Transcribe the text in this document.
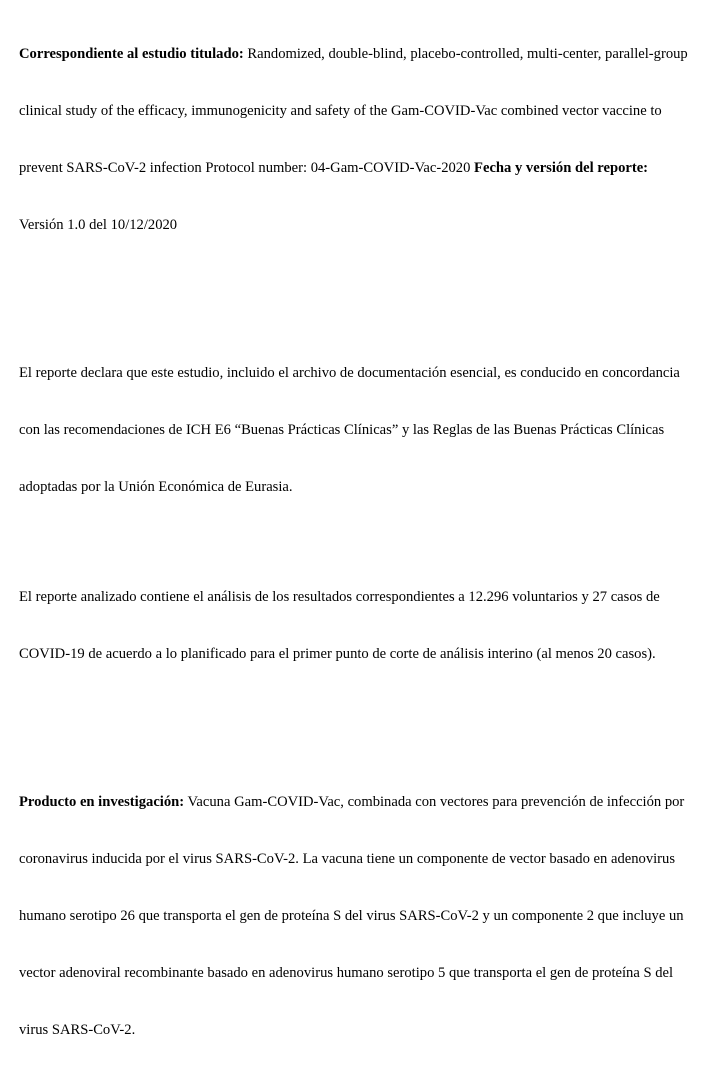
Correspondiente al estudio titulado: Randomized, double-blind, placebo-controlled, multi-center, parallel-group

clinical study of the efficacy, immunogenicity and safety of the Gam-COVID-Vac combined vector vaccine to

prevent SARS-CoV-2 infection Protocol number: 04-Gam-COVID-Vac-2020 Fecha y versión del reporte:

Versión 1.0 del 10/12/2020

El reporte declara que este estudio, incluido el archivo de documentación esencial, es conducido en concordancia

con las recomendaciones de ICH E6 “Buenas Prácticas Clínicas” y las Reglas de las Buenas Prácticas Clínicas

adoptadas por la Unión Económica de Eurasia.

El reporte analizado contiene el análisis de los resultados correspondientes a 12.296 voluntarios y 27 casos de

COVID-19 de acuerdo a lo planificado para el primer punto de corte de análisis interino (al menos 20 casos).

Producto en investigación: Vacuna Gam-COVID-Vac, combinada con vectores para prevención de infección por

coronavirus inducida por el virus SARS-CoV-2. La vacuna tiene un componente de vector basado en adenovirus

humano serotipo 26 que transporta el gen de proteína S del virus SARS-CoV-2 y un componente 2 que incluye un

vector adenoviral recombinante basado en adenovirus humano serotipo 5 que transporta el gen de proteína S del

virus SARS-CoV-2.
